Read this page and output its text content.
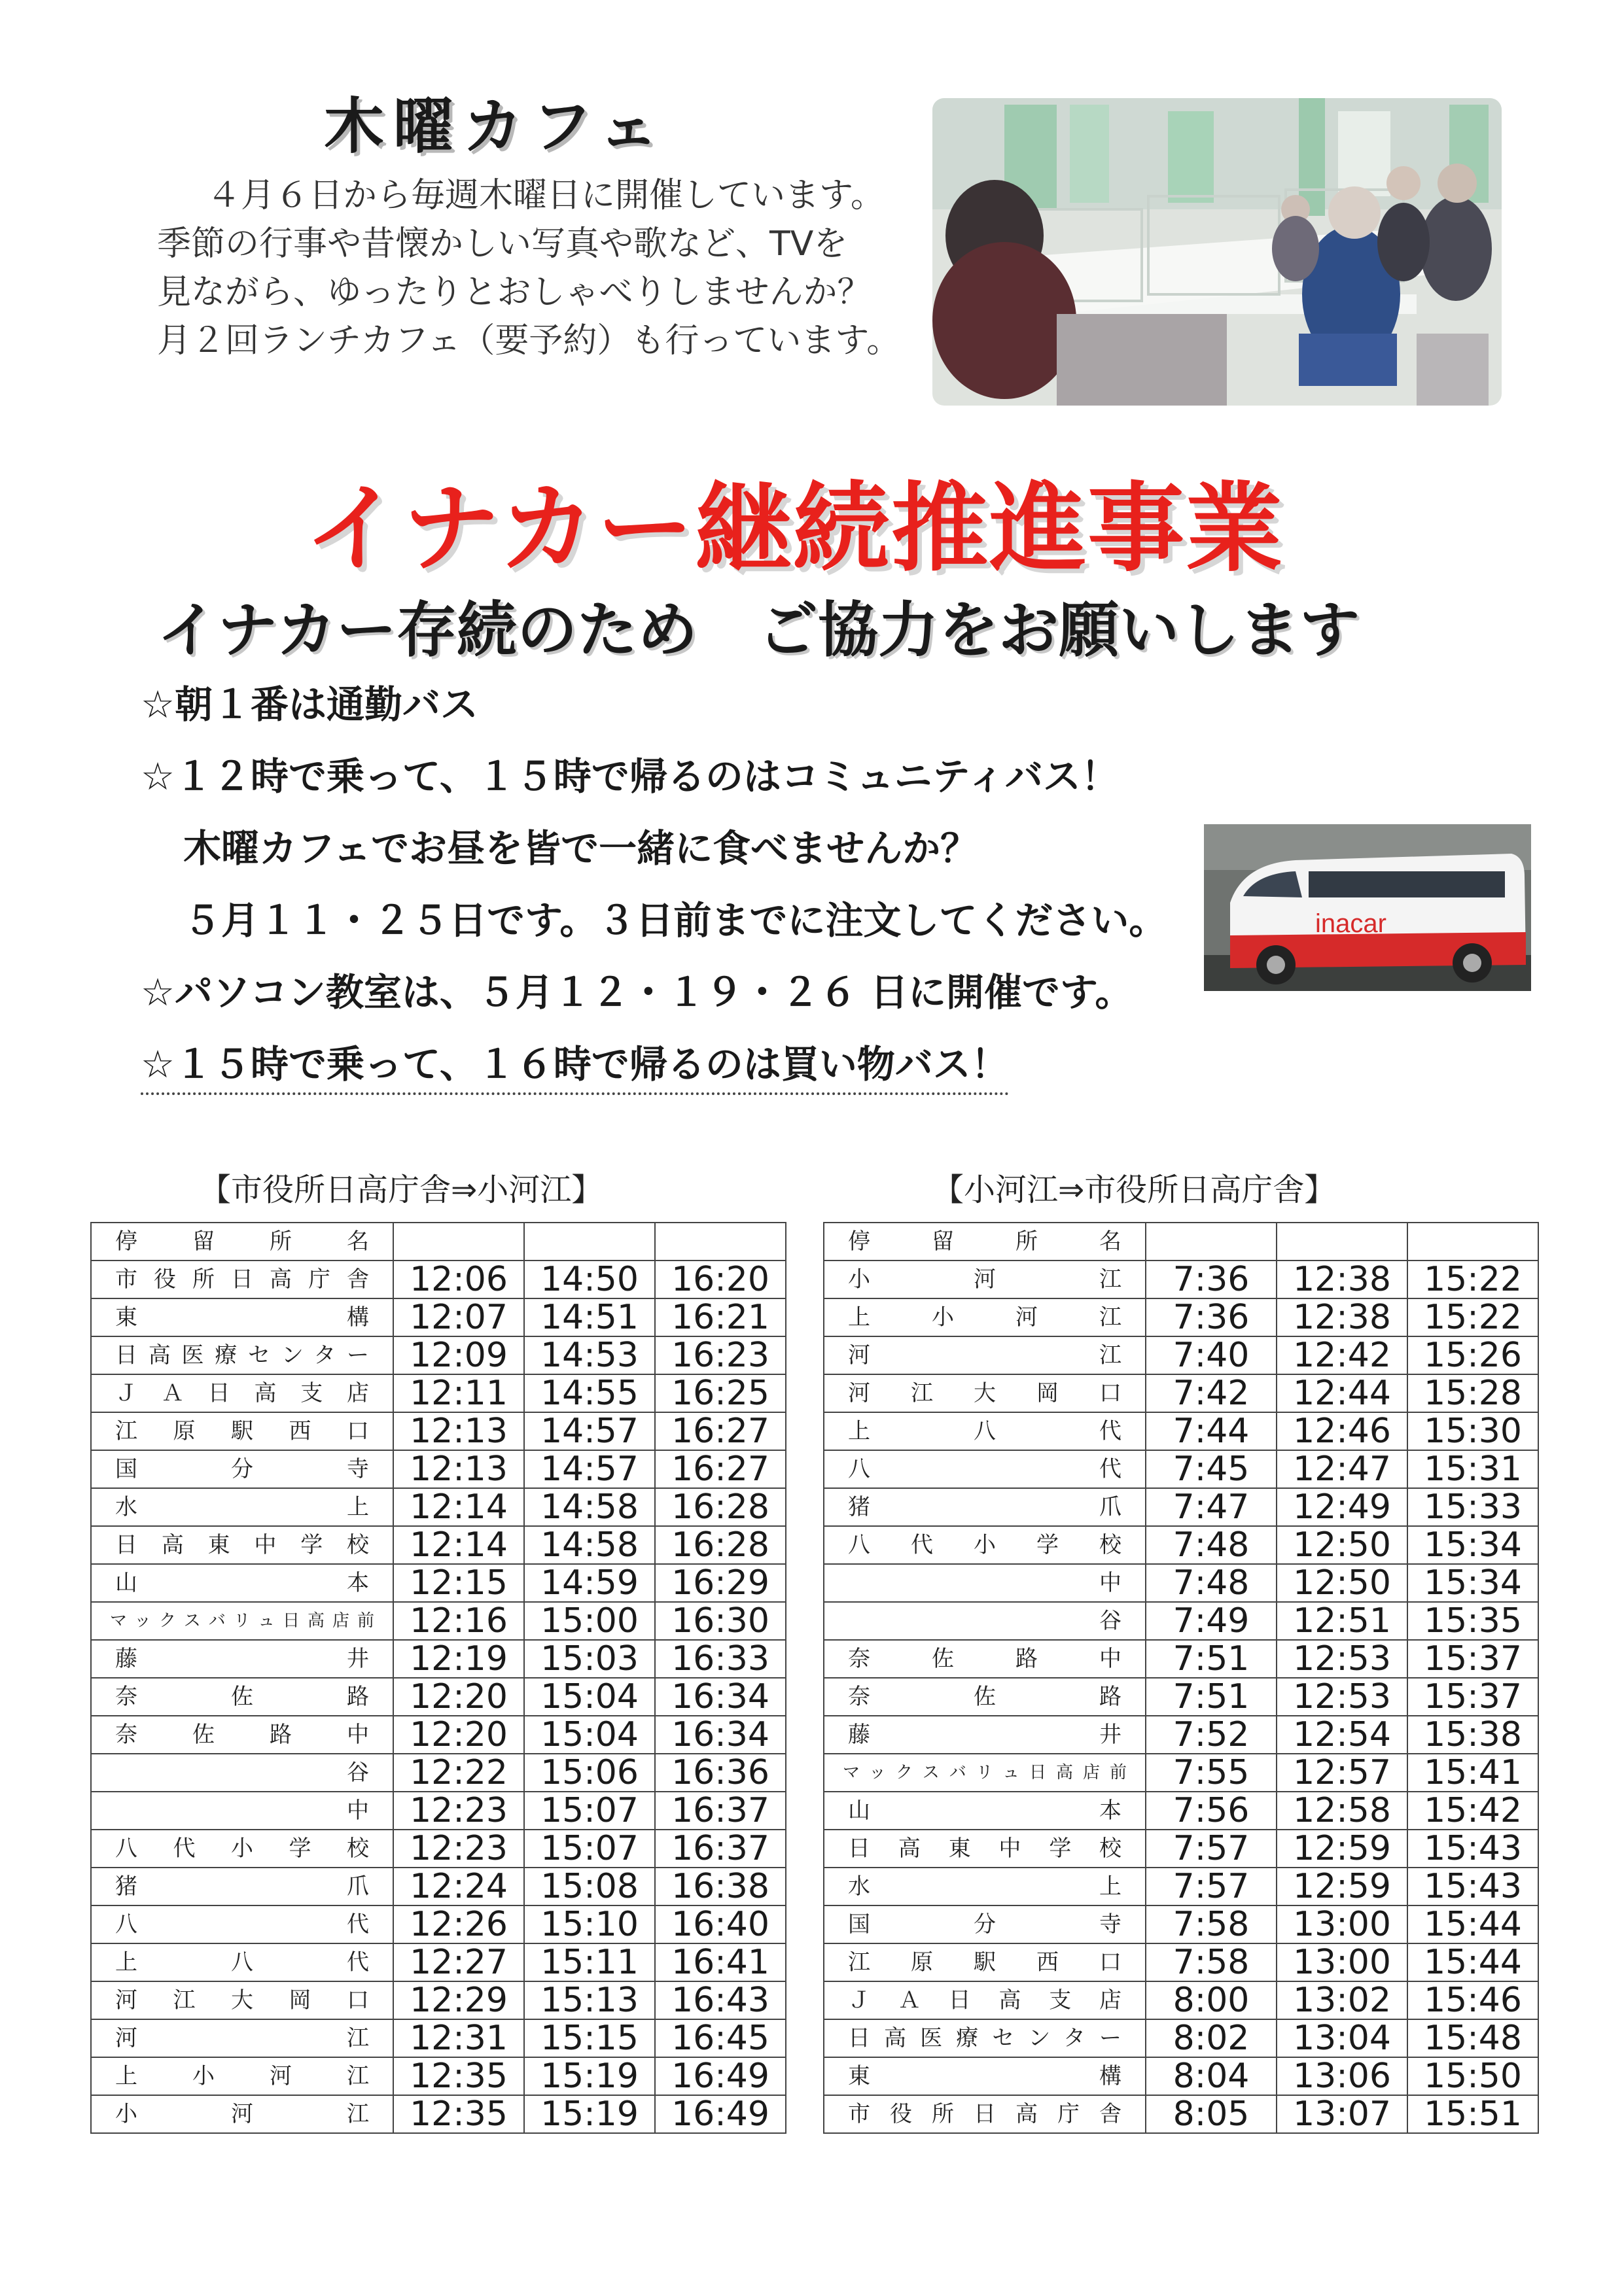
木曜カフェ

４月６日から毎週木曜日に開催しています。

季節の行事や昔懐かしい写真や歌など、TVを

見ながら、ゆったりとおしゃべりしませんか？

月２回ランチカフェ（要予約）も行っています。

イナカー継続推進事業
イナカー存続のため　ご協力をお願いします
☆朝１番は通勤バス
☆１２時で乗って、１５時で帰るのはコミュニティバス！
木曜カフェでお昼を皆で一緒に食べませんか？
５月１１・２５日です。３日前までに注文してください。
☆パソコン教室は、５月１２・１９・２６ 日に開催です。
☆１５時で乗って、１６時で帰るのは買い物バス！
inacar
【市役所日高庁舎⇒小河江】	【小河江⇒市役所日高庁舎】
停留所名			
市役所日高庁舎	12:06	14:50	16:20
東構	12:07	14:51	16:21
日高医療センター	12:09	14:53	16:23
ＪＡ日高支店	12:11	14:55	16:25
江原駅西口	12:13	14:57	16:27
国分寺	12:13	14:57	16:27
水上	12:14	14:58	16:28
日高東中学校	12:14	14:58	16:28
山本	12:15	14:59	16:29
マックスバリュ日高店前	12:16	15:00	16:30
藤井	12:19	15:03	16:33
奈佐路	12:20	15:04	16:34
奈佐路中	12:20	15:04	16:34
谷	12:22	15:06	16:36
中	12:23	15:07	16:37
八代小学校	12:23	15:07	16:37
猪爪	12:24	15:08	16:38
八代	12:26	15:10	16:40
上八代	12:27	15:11	16:41
河江大岡口	12:29	15:13	16:43
河江	12:31	15:15	16:45
上小河江	12:35	15:19	16:49
小河江	12:35	15:19	16:49
停留所名			
小河江	7:36	12:38	15:22
上小河江	7:36	12:38	15:22
河江	7:40	12:42	15:26
河江大岡口	7:42	12:44	15:28
上八代	7:44	12:46	15:30
八代	7:45	12:47	15:31
猪爪	7:47	12:49	15:33
八代小学校	7:48	12:50	15:34
中	7:48	12:50	15:34
谷	7:49	12:51	15:35
奈佐路中	7:51	12:53	15:37
奈佐路	7:51	12:53	15:37
藤井	7:52	12:54	15:38
マックスバリュ日高店前	7:55	12:57	15:41
山本	7:56	12:58	15:42
日高東中学校	7:57	12:59	15:43
水上	7:57	12:59	15:43
国分寺	7:58	13:00	15:44
江原駅西口	7:58	13:00	15:44
ＪＡ日高支店	8:00	13:02	15:46
日高医療センター	8:02	13:04	15:48
東構	8:04	13:06	15:50
市役所日高庁舎	8:05	13:07	15:51
